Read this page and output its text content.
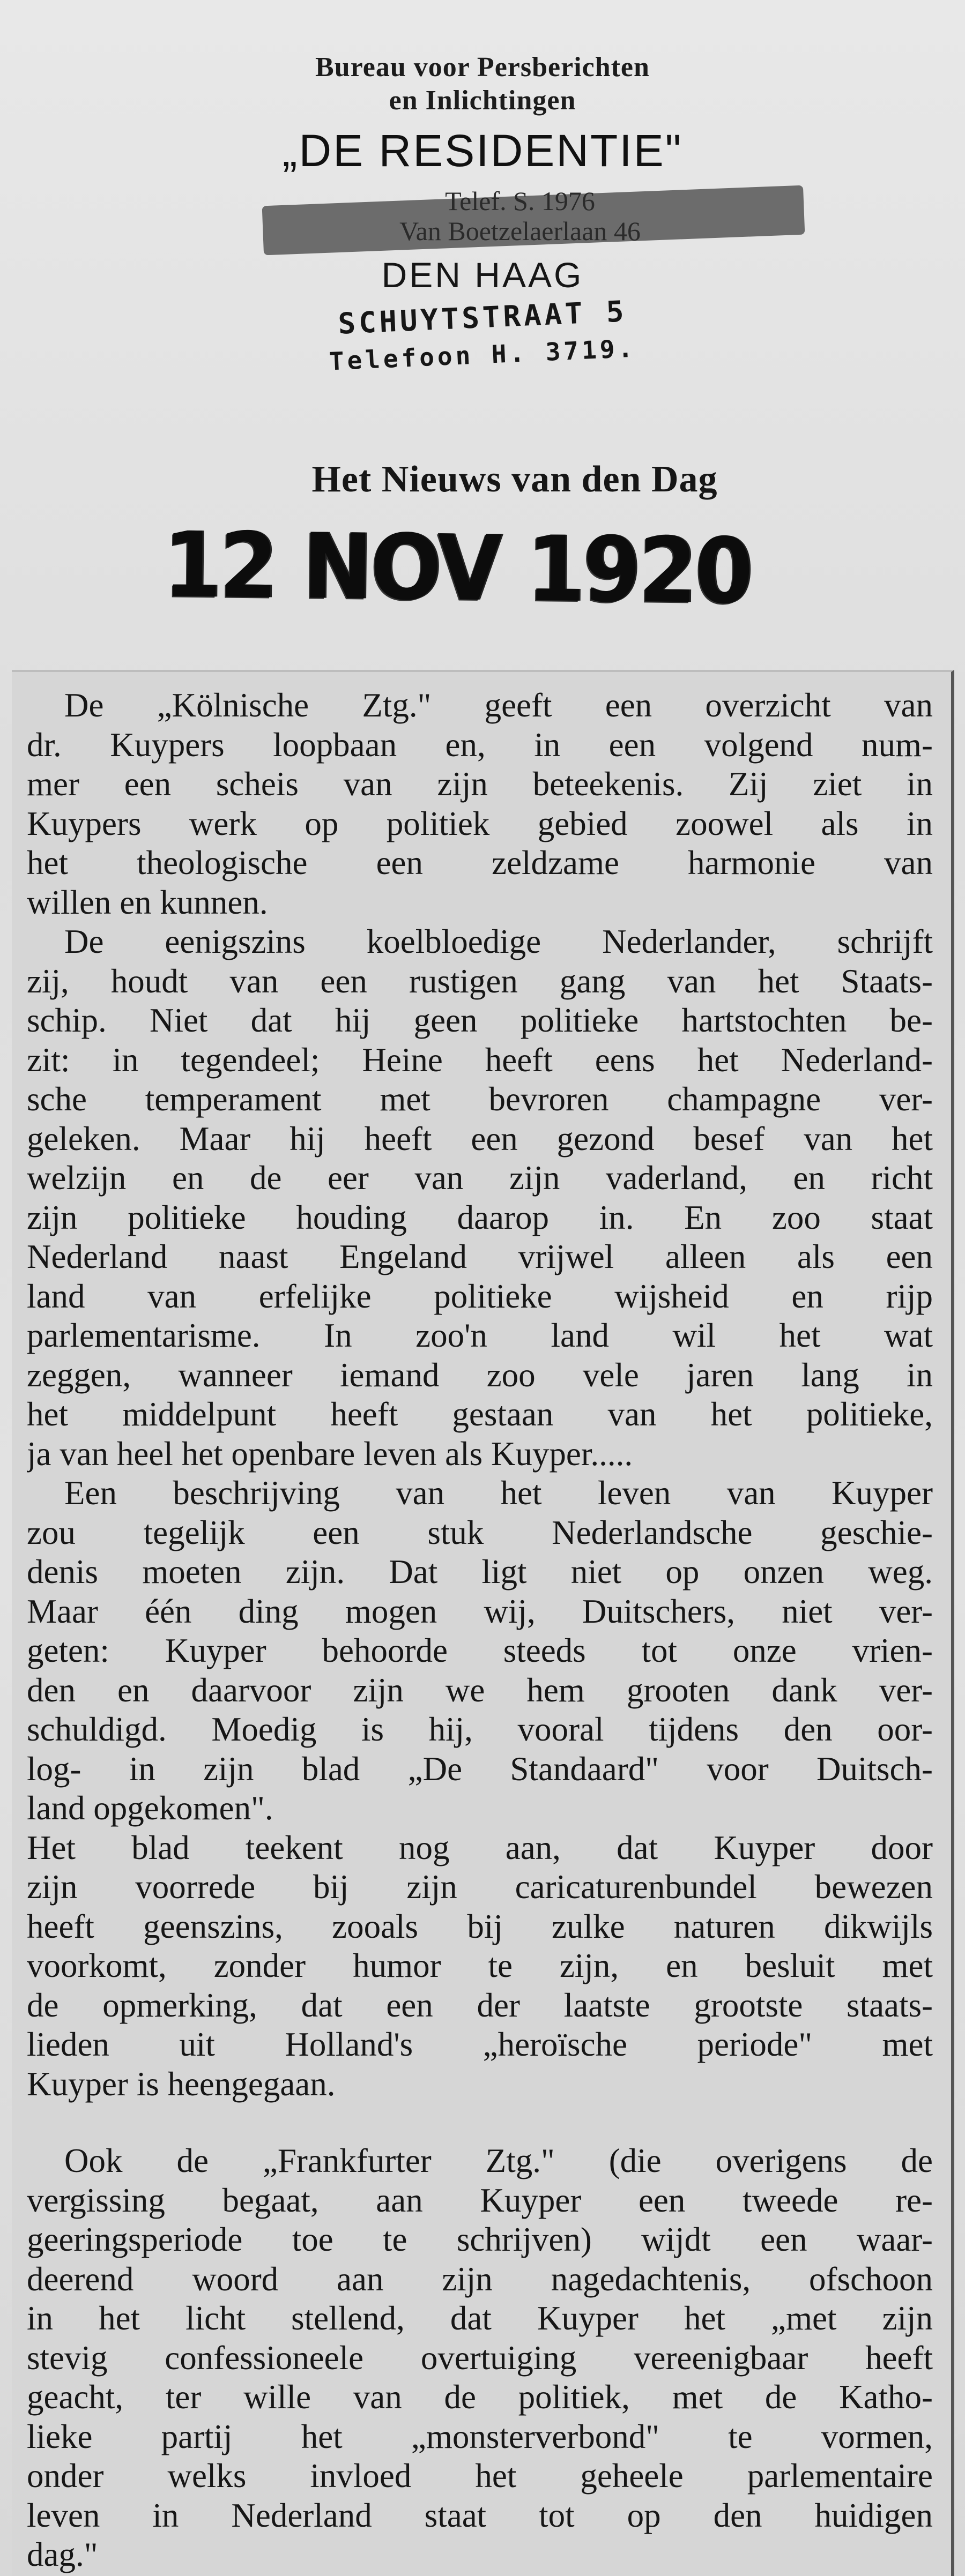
Bureau voor Persberichten
en Inlichtingen
„DE RESIDENTIE"
Telef. S. 1976
Van Boetzelaerlaan 46
DEN HAAG
SCHUYTSTRAAT 5
Telefoon H. 3719.
Het Nieuws van den Dag
12 NOV 1920
De „Kölnische Ztg." geeft een overzicht van
dr. Kuypers loopbaan en, in een volgend num-
mer een scheis van zijn beteekenis. Zij ziet in
Kuypers werk op politiek gebied zoowel als in
het theologische een zeldzame harmonie van
willen en kunnen.
De eenigszins koelbloedige Nederlander, schrijft
zij, houdt van een rustigen gang van het Staats-
schip. Niet dat hij geen politieke hartstochten be-
zit: in tegendeel; Heine heeft eens het Nederland-
sche temperament met bevroren champagne ver-
geleken. Maar hij heeft een gezond besef van het
welzijn en de eer van zijn vaderland, en richt
zijn politieke houding daarop in. En zoo staat
Nederland naast Engeland vrijwel alleen als een
land van erfelijke politieke wijsheid en rijp
parlementarisme. In zoo'n land wil het wat
zeggen, wanneer iemand zoo vele jaren lang in
het middelpunt heeft gestaan van het politieke,
ja van heel het openbare leven als Kuyper.....
Een beschrijving van het leven van Kuyper
zou tegelijk een stuk Nederlandsche geschie-
denis moeten zijn. Dat ligt niet op onzen weg.
Maar één ding mogen wij, Duitschers, niet ver-
geten: Kuyper behoorde steeds tot onze vrien-
den en daarvoor zijn we hem grooten dank ver-
schuldigd. Moedig is hij, vooral tijdens den oor-
log- in zijn blad „De Standaard" voor Duitsch-
land opgekomen".
Het blad teekent nog aan, dat Kuyper door
zijn voorrede bij zijn caricaturenbundel bewezen
heeft geenszins, zooals bij zulke naturen dikwijls
voorkomt, zonder humor te zijn, en besluit met
de opmerking, dat een der laatste grootste staats-
lieden uit Holland's „heroïsche periode" met
Kuyper is heengegaan.
Ook de „Frankfurter Ztg." (die overigens de
vergissing begaat, aan Kuyper een tweede re-
geeringsperiode toe te schrijven) wijdt een waar-
deerend woord aan zijn nagedachtenis, ofschoon
in het licht stellend, dat Kuyper het „met zijn
stevig confessioneele overtuiging vereenigbaar heeft
geacht, ter wille van de politiek, met de Katho-
lieke partij het „monsterverbond" te vormen,
onder welks invloed het geheele parlementaire
leven in Nederland staat tot op den huidigen
dag."
